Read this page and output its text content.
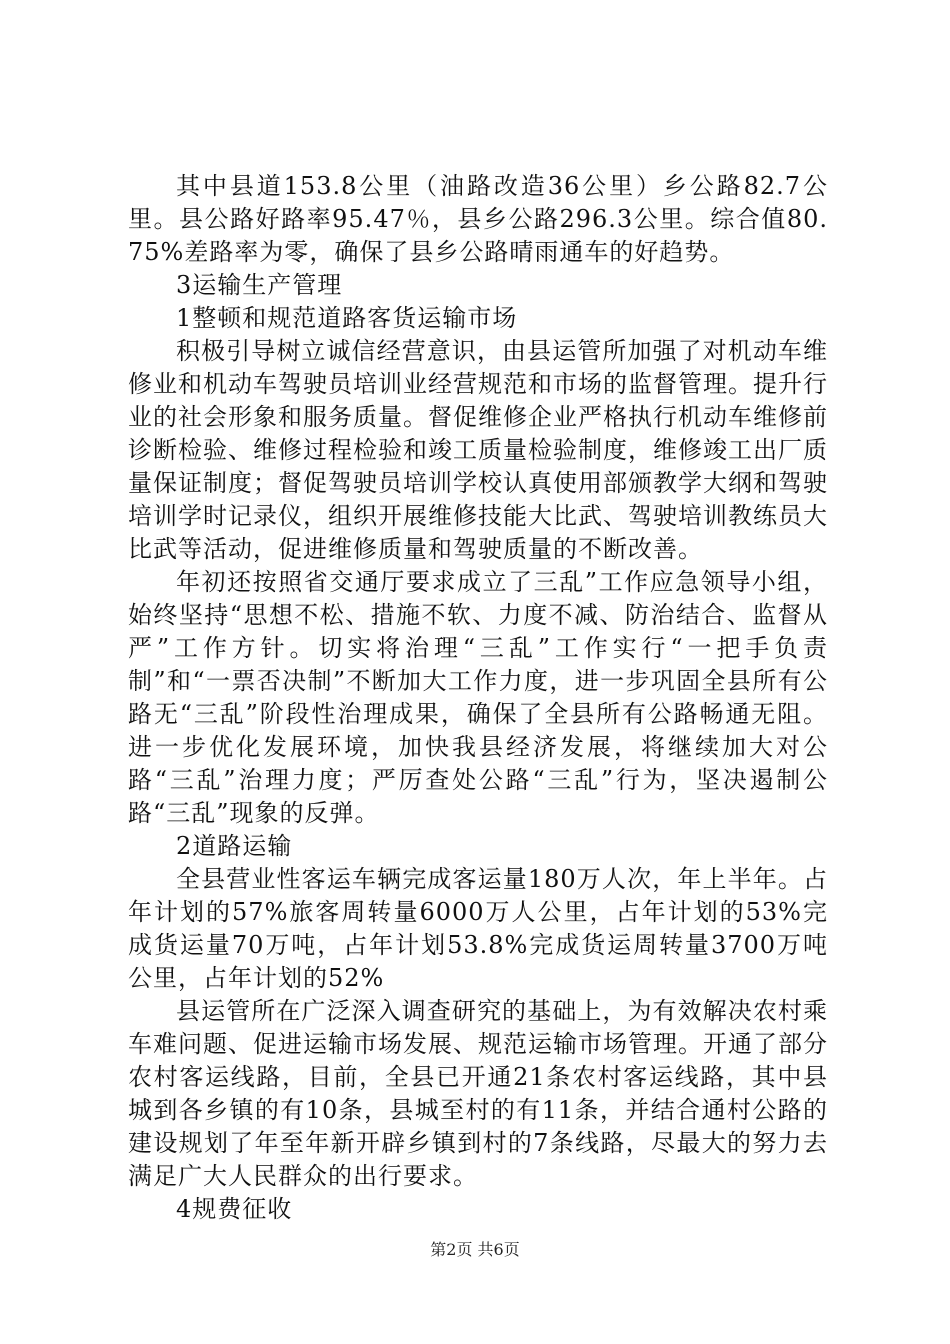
其中县道153.8公里（油路改造36公里）乡公路82.7公里。县公路好路率95.47％，县乡公路296.3公里。综合值80.75%差路率为零，确保了县乡公路晴雨通车的好趋势。

3运输生产管理

1整顿和规范道路客货运输市场

积极引导树立诚信经营意识，由县运管所加强了对机动车维修业和机动车驾驶员培训业经营规范和市场的监督管理。提升行业的社会形象和服务质量。督促维修企业严格执行机动车维修前诊断检验、维修过程检验和竣工质量检验制度，维修竣工出厂质量保证制度；督促驾驶员培训学校认真使用部颁教学大纲和驾驶培训学时记录仪，组织开展维修技能大比武、驾驶培训教练员大比武等活动，促进维修质量和驾驶质量的不断改善。

年初还按照省交通厅要求成立了三乱”工作应急领导小组，始终坚持“思想不松、措施不软、力度不减、防治结合、监督从严”工作方针。切实将治理“三乱”工作实行“一把手负责制”和“一票否决制”不断加大工作力度，进一步巩固全县所有公路无“三乱”阶段性治理成果，确保了全县所有公路畅通无阻。进一步优化发展环境，加快我县经济发展，将继续加大对公路“三乱”治理力度；严厉查处公路“三乱”行为，坚决遏制公路“三乱”现象的反弹。

2道路运输

全县营业性客运车辆完成客运量180万人次，年上半年。占年计划的57%旅客周转量6000万人公里，占年计划的53%完成货运量70万吨，占年计划53.8%完成货运周转量3700万吨公里，占年计划的52%

县运管所在广泛深入调查研究的基础上，为有效解决农村乘车难问题、促进运输市场发展、规范运输市场管理。开通了部分农村客运线路，目前，全县已开通21条农村客运线路，其中县城到各乡镇的有10条，县城至村的有11条，并结合通村公路的建设规划了年至年新开辟乡镇到村的7条线路，尽最大的努力去满足广大人民群众的出行要求。

4规费征收

第2页 共6页
